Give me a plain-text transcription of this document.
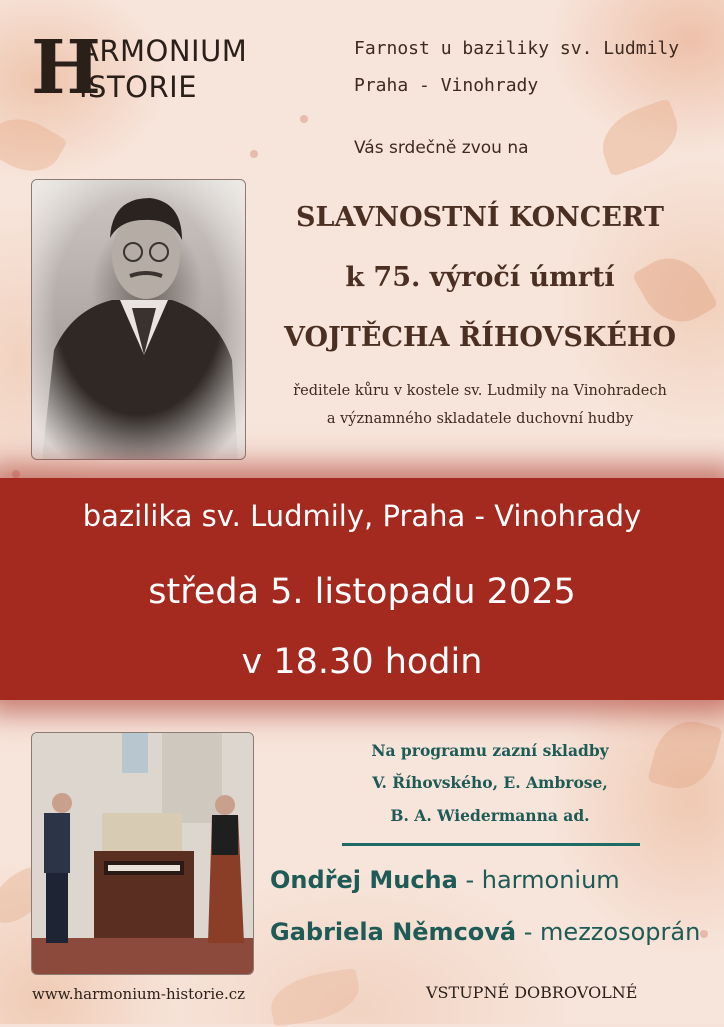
H
ARMONIUM
ISTORIE
Farnost u baziliky sv. Ludmily
Praha - Vinohrady
Vás srdečně zvou na
SLAVNOSTNÍ KONCERT
k 75. výročí úmrtí
VOJTĚCHA ŘÍHOVSKÉHO
ředitele kůru v kostele sv. Ludmily na Vinohradech
a významného skladatele duchovní hudby
bazilika sv. Ludmily, Praha - Vinohrady
středa 5. listopadu 2025
v 18.30 hodin
Na programu zazní skladby
V. Říhovského, E. Ambrose,
B. A. Wiedermanna ad.
Ondřej Mucha - harmonium
Gabriela Němcová - mezzosoprán
www.harmonium-historie.cz	VSTUPNÉ DOBROVOLNÉ
